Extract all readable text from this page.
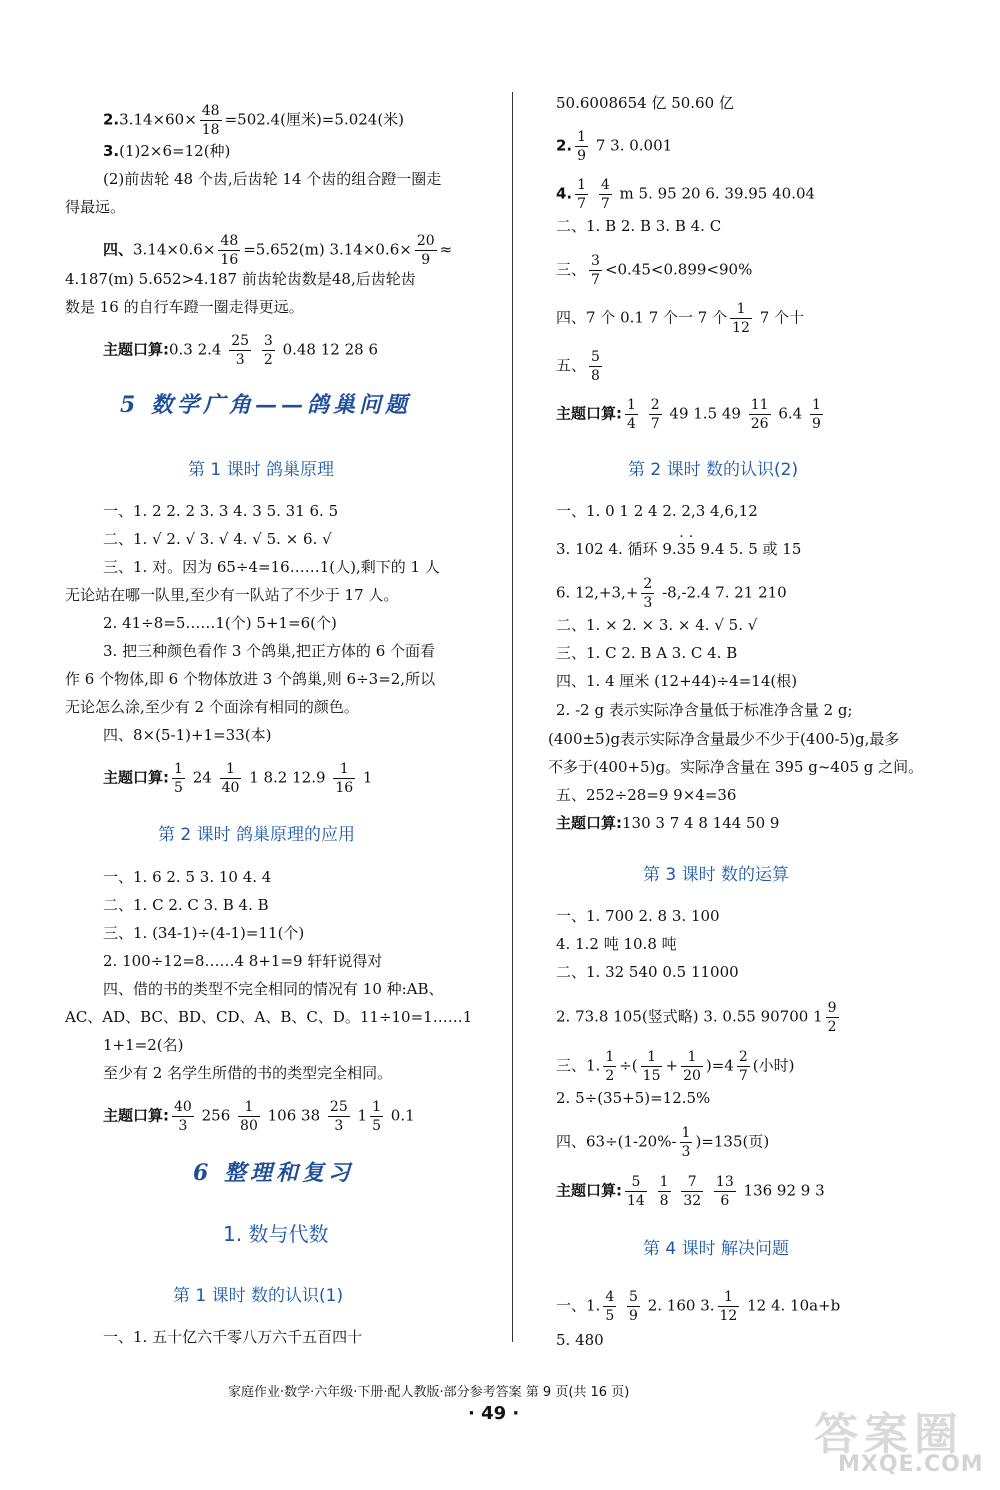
$2.3.14\times 60\times \frac{48}{18} =502.4$(厘米)=5.024(米)
3.(1)2×6=12(种)
(2)前齿轮 48 个齿,后齿轮 14 个齿的组合蹬一圈走
得最远。
四、$3.14\times 0.6\times \frac{48}{16} =5.652(m)$ $3.14\times 0.6\times \frac{20}{9}$ ≈
4.187(m) 5.652>4.187 前齿轮齿数是48,后齿轮齿
数是 16 的自行车蹬一圈走得更远。
主题口算:0.3 $2.4 \frac{25}{3}$
$\frac{3}{2} 0.48$ 12 28 6
5 数学广角——鸽巢问题
第 1 课时 鸽巢原理
一、1. 2 2. 2 3. 3 4. 3 5. 31 6. 5
二、1. √ 2. √ 3. √ 4. √ 5. × 6. √
三、1. 对。因为 65÷4=16……1(人),剩下的 1 人
无论站在哪一队里,至少有一队站了不少于 17 人。
2. 41÷8=5……1(个) 5+1=6(个)
3. 把三种颜色看作 3 个鸽巢,把正方体的 6 个面看
作 6 个物体,即 6 个物体放进 3 个鸽巢,则 6÷3=2,所以
无论怎么涂,至少有 2 个面涂有相同的颜色。
四、8×(5-1)+1=33(本)
主题口算: $\frac{1}{5} 24 \frac{1}{40} 1$ 8.2 $12.9 \frac{1}{16} 1$
第 2 课时 鸽巢原理的应用
一、1. 6 2. 5 3. 10 4. 4
二、1. C 2. C 3. B 4. B
三、1. (34-1)÷(4-1)=11(个)
2. 100÷12=8……4 8+1=9 轩轩说得对
四、借的书的类型不完全相同的情况有 10 种:AB、
AC、AD、BC、BD、CD、A、B、C、D。11÷10=1……1
1+1=2(名)
至少有 2 名学生所借的书的类型完全相同。
主题口算: $\frac{40}{3} 256 \frac{1}{80} 106$ $38 \frac{25}{3} 1 \frac{1}{5} 0.1$
6 整理和复习
1. 数与代数
第 1 课时 数的认识(1)
一、1. 五十亿六千零八万六千五百四十
50.6008654 亿 50.60 亿
2. $\frac{1}{9} 7$ 3. 0.001
4. $\frac{1}{7}$
$\frac{4}{7}$ m 5. 95 20 6. 39.95 40.04
二、1. B 2. B 3. B 4. C
三、 $\frac{3}{7} <0.45<0.899<90\%$
四、7 个 0.1 7 个一 7 个 $\frac{1}{12} 7$ 个十
五、 $\frac{5}{8}$
主题口算: $\frac{1}{4}$
$\frac{2}{7} 49$ 1.5 $49 \frac{11}{26} 6.4 \frac{1}{9}$
第 2 课时 数的认识(2)
一、1. 0 1 2 4 2. 2,3 4,6,12
3. 102 4. 循环 9.· 3· 5 9.4 5. 5 或 15
6. $12,+3,+ \frac{2}{3} -8,-2.4$ 7. 21 210
二、1. × 2. × 3. × 4. √ 5. √
三、1. C 2. B A 3. C 4. B
四、1. 4 厘米 (12+44)÷4=14(根)
2. -2 g 表示实际净含量低于标准净含量 2 g;
(400±5)g表示实际净含量最少不少于(400-5)g,最多
不多于(400+5)g。实际净含量在 395 g~405 g 之间。
五、252÷28=9 9×4=36
主题口算:130 3 7 4 8 144 50 9
第 3 课时 数的运算
一、1. 700 2. 8 3. 100
4. 1.2 吨 10.8 吨
二、1. 32 540 0.5 11000
2. 73.8 105(竖式略) 3. 0.55 90700 $1 \frac{9}{2}$
三、1. $\frac{1}{2}$ ÷( $\frac{1}{15} + \frac{1}{20} )=4 \frac{2}{7}$ (小时)
2. 5÷(35+5)=12.5%
四、$63\div(1-20\%- \frac{1}{3} )=135$(页)
主题口算: $\frac{5}{14}$
$\frac{1}{8}$
$\frac{7}{32}$
$\frac{13}{6} 136$ 92 9 3
第 4 课时 解决问题
一、1. $\frac{4}{5}$
$\frac{5}{9} 2$. 160 3. $\frac{1}{12} 12$ 4. 10a+b
5. 480
家庭作业·数学·六年级·下册·配人教版·部分参考答案 第 9 页(共 16 页)
· 49 ·	答案圈
MXQE.COM
